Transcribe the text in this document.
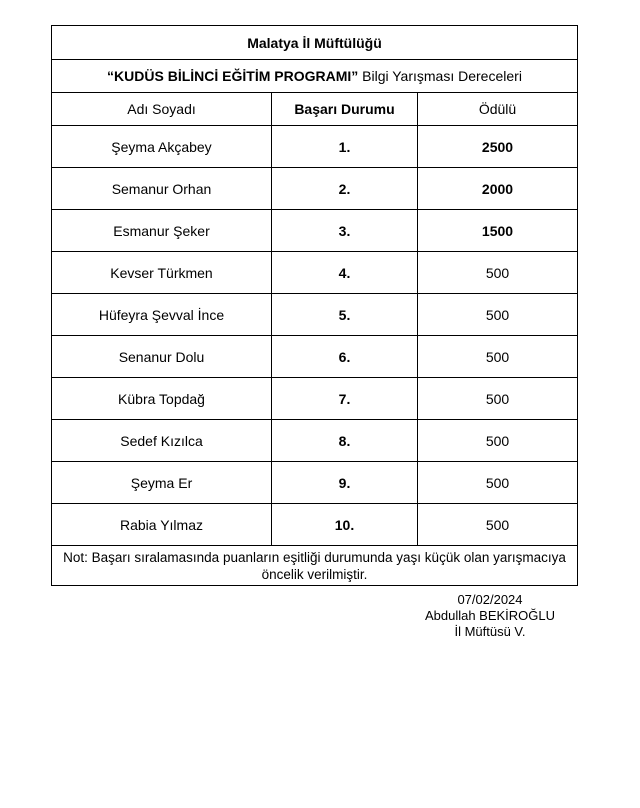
Malatya İl Müftülüğü		
“KUDÜS BİLİNCİ EĞİTİM PROGRAMI” Bilgi Yarışması Dereceleri		
Adı Soyadı	Başarı Durumu	Ödülü
Şeyma Akçabey	1.	2500
Semanur Orhan	2.	2000
Esmanur Şeker	3.	1500
Kevser Türkmen	4.	500
Hüfeyra Şevval İnce	5.	500
Senanur Dolu	6.	500
Kübra Topdağ	7.	500
Sedef Kızılca	8.	500
Şeyma Er	9.	500
Rabia Yılmaz	10.	500
Not: Başarı sıralamasında puanların eşitliği durumunda yaşı küçük olan yarışmacıya öncelik verilmiştir.		
07/02/2024
Abdullah BEKİROĞLU
İl Müftüsü V.
